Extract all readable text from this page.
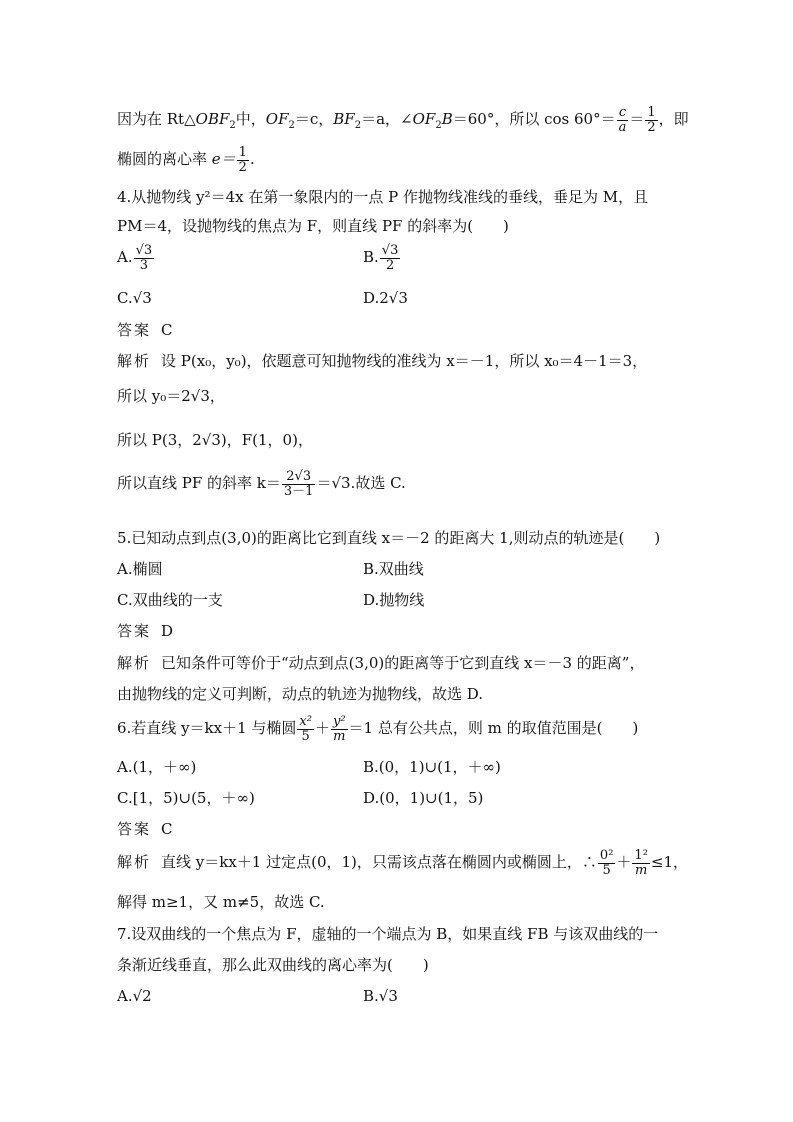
因为在 $Rt\triangle OBF_2$中，$OF_2=c$，$BF_2=a$，$\angle OF_2B=60^\circ$，所以 $\cos 60^\circ= \frac{c}{a} = \frac{1}{2}$ ，即
椭圆的离心率 $e= \frac{1}{2}$ .
4.从抛物线 y²＝4x 在第一象限内的一点 P 作抛物线准线的垂线，垂足为 M，且
PM＝4，设抛物线的焦点为 F，则直线 PF 的斜率为(　　)
A. $\frac{√3}{3}$	B. $\frac{√3}{2}$
C.√3	D.2√3
答案 C
解析 设 P(x₀，y₀)，依题意可知抛物线的准线为 x＝－1，所以 x₀＝4－1＝3，
所以 y₀＝2√3，
所以 P(3，2√3)，F(1，0)，
所以直线 PF 的斜率 $k= \frac{2√3}{3-1} =√3$.故选 C.
5.已知动点到点(3,0)的距离比它到直线 x＝－2 的距离大 1,则动点的轨迹是(　　)
A.椭圆	B.双曲线
C.双曲线的一支	D.抛物线
答案 D
解析 已知条件可等价于“动点到点(3,0)的距离等于它到直线 x＝－3 的距离”，
由抛物线的定义可判断，动点的轨迹为抛物线，故选 D.
6.若直线 y＝kx＋1 与椭圆 $\frac{\text{x²}}{5} + \frac{\text{y²}}{m} =1$ 总有公共点，则 m 的取值范围是(　　)
A.(1，＋∞)	B.(0，1)∪(1，＋∞)
C.[1，5)∪(5，＋∞)	D.(0，1)∪(1，5)
答案 C
解析 直线 y＝kx＋1 过定点(0，1)，只需该点落在椭圆内或椭圆上，∴ $\frac{\text{0²}}{5} + \frac{\text{1²}}{m} \le 1$，
解得 m≥1，又 m≠5，故选 C.
7.设双曲线的一个焦点为 F，虚轴的一个端点为 B，如果直线 FB 与该双曲线的一
条渐近线垂直，那么此双曲线的离心率为(　　)
A.√2	B.√3
